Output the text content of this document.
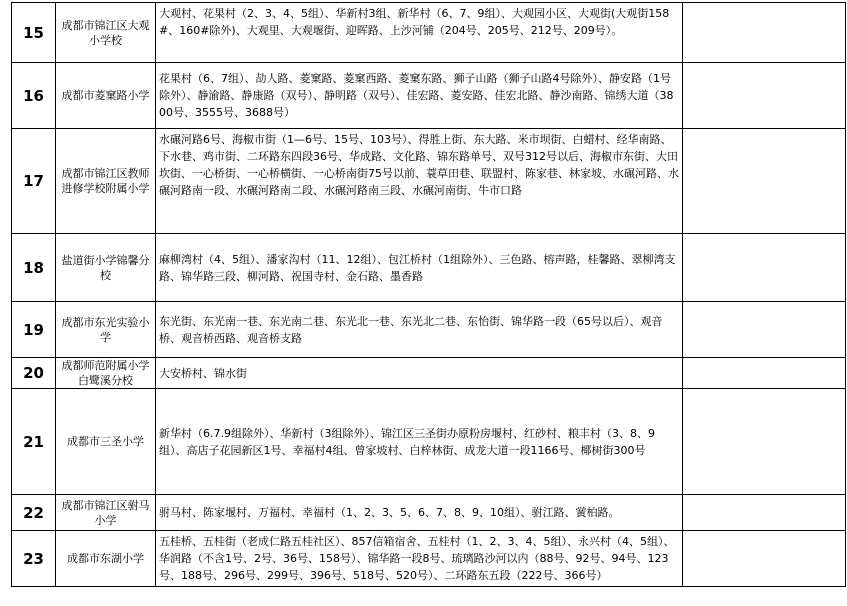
15	成都市锦江区大观小学校	大观村、花果村（2、3、4、5组）、华新村3组、新华村（6、7、9组）、大观园小区、大观街(大观街158#、160#除外)、大观里、大观堰街、迎晖路、上沙河铺（204号、205号、212号、209号）。	
16	成都市菱窠路小学	花果村（6、7组）、劼人路、菱窠路、菱窠西路、菱窠东路、狮子山路（狮子山路4号除外）、静安路（1号除外）、静渝路、静康路（双号）、静明路（双号）、佳宏路、菱安路、佳宏北路、静沙南路、锦绣大道（3800号、3555号、3688号）	
17	成都市锦江区教师进修学校附属小学	水碾河路6号、海椒市街（1—6号、15号、103号）、得胜上街、东大路、米市坝街、白蜡村、经华南路、下水巷、鸡市街、二环路东四段36号、华成路、文化路、锦东路单号、双号312号以后、海椒市东街、大田坎街、一心桥街、一心桥横街、一心桥南街75号以前、蓑草田巷、联盟村、陈家巷、林家坡、水碾河路、水碾河路南一段、水碾河路南二段、水碾河路南三段、水碾河南街、牛市口路	
18	盐道街小学锦馨分校	麻柳湾村（4、5组）、潘家沟村（11、12组）、包江桥村（1组除外）、三色路、榕声路，桂馨路、翠柳湾支路、锦华路三段、柳河路、祝国寺村、金石路、墨香路	
19	成都市东光实验小学	东光街、东光南一巷、东光南二巷、东光北一巷、东光北二巷、东怡街、锦华路一段（65号以后）、观音桥、观音桥西路、观音桥支路	
20	成都师范附属小学白鹭溪分校	大安桥村、锦水街	
21	成都市三圣小学	新华村（6.7.9组除外）、华新村（3组除外）、锦江区三圣街办原粉房堰村、红砂村、粮丰村（3、8、9组）、高店子花园新区1号、幸福村4组、曾家坡村、白梓林街、成龙大道一段1166号、椰树街300号	
22	成都市锦江区驸马小学	驸马村、陈家堰村、万福村、幸福村（1、2、3、5、6、7、8、9、10组）、驸江路、黉柏路。	
23	成都市东湖小学	五桂桥、五桂街（老成仁路五桂社区）、857信箱宿舍、五桂村（1、2、3、4、5组）、永兴村（4、5组）、华润路（不含1号、2号、36号、158号）、锦华路一段8号、琉璃路沙河以内（88号、92号、94号、123号、188号、296号、299号、396号、518号、520号）、二环路东五段（222号、366号）	
